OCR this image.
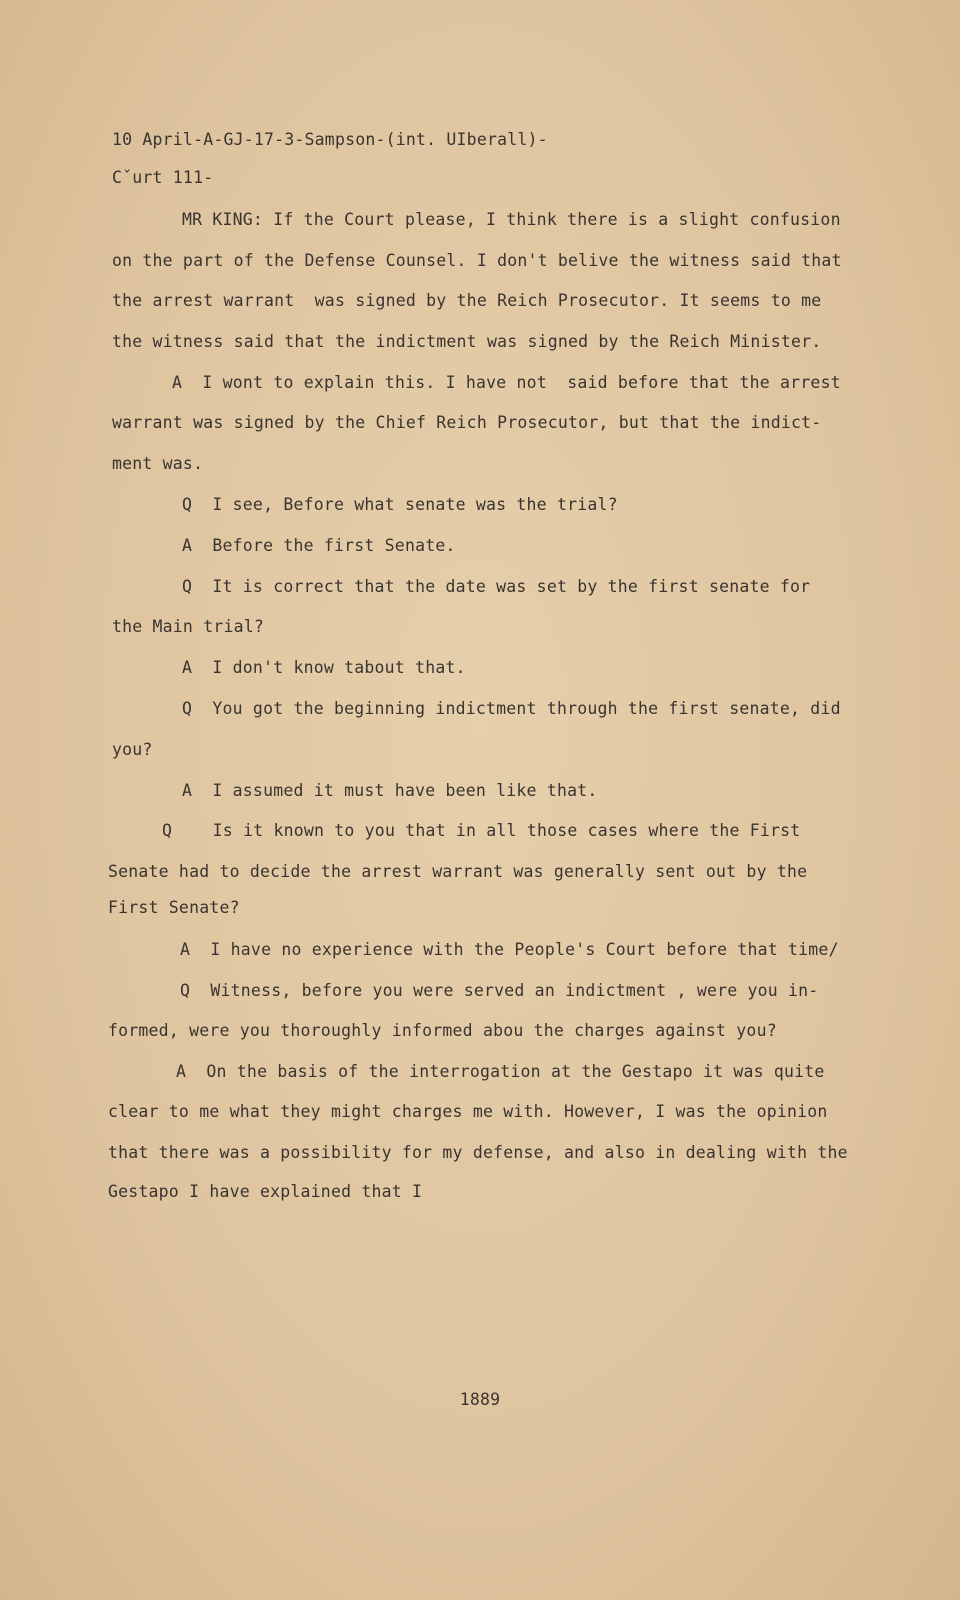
10 April-A-GJ-17-3-Sampson-(int. UIberall)-
Cˇurt 111-
MR KING: If the Court please, I think there is a slight confusion
on the part of the Defense Counsel. I don't belive the witness said that
the arrest warrant  was signed by the Reich Prosecutor. It seems to me
the witness said that the indictment was signed by the Reich Minister.
A  I wont to explain this. I have not  said before that the arrest
warrant was signed by the Chief Reich Prosecutor, but that the indict-
ment was.
Q  I see, Before what senate was the trial?
A  Before the first Senate.
Q  It is correct that the date was set by the first senate for
the Main trial?
A  I don't know tabout that.
Q  You got the beginning indictment through the first senate, did
you?
A  I assumed it must have been like that.
Q    Is it known to you that in all those cases where the First
Senate had to decide the arrest warrant was generally sent out by the
First Senate?
A  I have no experience with the People's Court before that time/
Q  Witness, before you were served an indictment , were you in-
formed, were you thoroughly informed abou the charges against you?
A  On the basis of the interrogation at the Gestapo it was quite
clear to me what they might charges me with. However, I was the opinion
that there was a possibility for my defense, and also in dealing with the
Gestapo I have explained that I
1889
